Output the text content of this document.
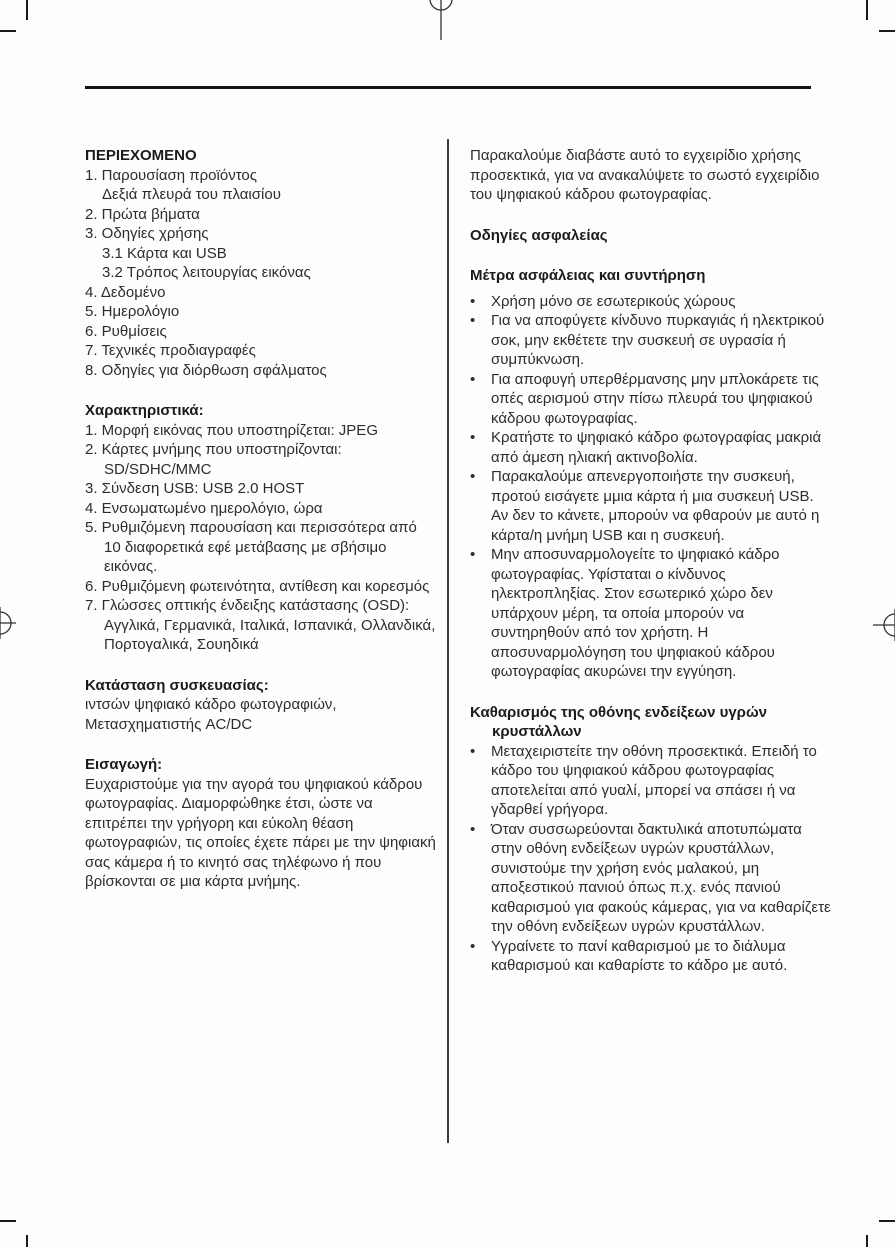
ΠΕΡΙΕΧΟΜΕΝΟ
1. Παρουσίαση προϊόντος
Δεξιά πλευρά του πλαισίου
2. Πρώτα βήματα
3. Οδηγίες χρήσης
3.1 Κάρτα και USB
3.2 Τρόπος λειτουργίας εικόνας
4. Δεδομένο
5. Ημερολόγιο
6. Ρυθμίσεις
7. Τεχνικές προδιαγραφές
8. Οδηγίες για διόρθωση σφάλματος
Χαρακτηριστικά:
1. Μορφή εικόνας που υποστηρίζεται: JPEG
2. Κάρτες μνήμης που υποστηρίζονται: SD/SDHC/MMC
3. Σύνδεση USB: USB 2.0 HOST
4. Ενσωματωμένο ημερολόγιο, ώρα
5. Ρυθμιζόμενη παρουσίαση και περισσότερα από 10 διαφορετικά εφέ μετάβασης με σβήσιμο εικόνας.
6. Ρυθμιζόμενη φωτεινότητα, αντίθεση και κορεσμός
7. Γλώσσες οπτικής ένδειξης κατάστασης (OSD): Αγγλικά, Γερμανικά, Ιταλικά, Ισπανικά, Ολλανδικά, Πορτογαλικά, Σουηδικά
Κατάσταση συσκευασίας:
ιντσών ψηφιακό κάδρο φωτογραφιών,
Μετασχηματιστής AC/DC
Εισαγωγή:

Ευχαριστούμε για την αγορά του ψηφιακού κάδρου φωτογραφίας. Διαμορφώθηκε έτσι, ώστε να επιτρέπει την γρήγορη και εύκολη θέαση φωτογραφιών, τις οποίες έχετε πάρει με την ψηφιακή σας κάμερα ή το κινητό σας τηλέφωνο ή που βρίσκονται σε μια κάρτα μνήμης.

Παρακαλούμε διαβάστε αυτό το εγχειρίδιο χρήσης προσεκτικά, για να ανακαλύψετε το σωστό εγχειρίδιο του ψηφιακού κάδρου φωτογραφίας.

Οδηγίες ασφαλείας
Μέτρα ασφάλειας και συντήρηση
•	Χρήση μόνο σε εσωτερικούς χώρους
•	Για να αποφύγετε κίνδυνο πυρκαγιάς ή ηλεκτρικού σοκ, μην εκθέτετε την συσκευή σε υγρασία ή συμπύκνωση.
•	Για αποφυγή υπερθέρμανσης μην μπλοκάρετε τις οπές αερισμού στην πίσω πλευρά του ψηφιακού κάδρου φωτογραφίας.
•	Κρατήστε το ψηφιακό κάδρο φωτογραφίας μακριά από άμεση ηλιακή ακτινοβολία.
•	Παρακαλούμε απενεργοποιήστε την συσκευή, προτού εισάγετε μμια κάρτα ή μια συσκευή USB. Αν δεν το κάνετε, μπορούν να φθαρούν με αυτό η κάρτα/η μνήμη USB και η συσκευή.
•	Μην αποσυναρμολογείτε το ψηφιακό κάδρο φωτογραφίας. Υφίσταται ο κίνδυνος ηλεκτροπληξίας. Στον εσωτερικό χώρο δεν υπάρχουν μέρη, τα οποία μπορούν να συντηρηθούν από τον χρήστη. Η αποσυναρμολόγηση του ψηφιακού κάδρου φωτογραφίας ακυρώνει την εγγύηση.
Καθαρισμός της οθόνης ενδείξεων υγρών κρυστάλλων
•	Μεταχειριστείτε την οθόνη προσεκτικά. Επειδή το κάδρο του ψηφιακού κάδρου φωτογραφίας αποτελείται από γυαλί, μπορεί να σπάσει ή να γδαρθεί γρήγορα.
•	Όταν συσσωρεύονται δακτυλικά αποτυπώματα στην οθόνη ενδείξεων υγρών κρυστάλλων, συνιστούμε την χρήση ενός μαλακού, μη αποξεστικού πανιού όπως π.χ. ενός πανιού καθαρισμού για φακούς κάμερας, για να καθαρίζετε την οθόνη ενδείξεων υγρών κρυστάλλων.
•	Υγραίνετε το πανί καθαρισμού με το διάλυμα καθαρισμού και καθαρίστε το κάδρο με αυτό.
